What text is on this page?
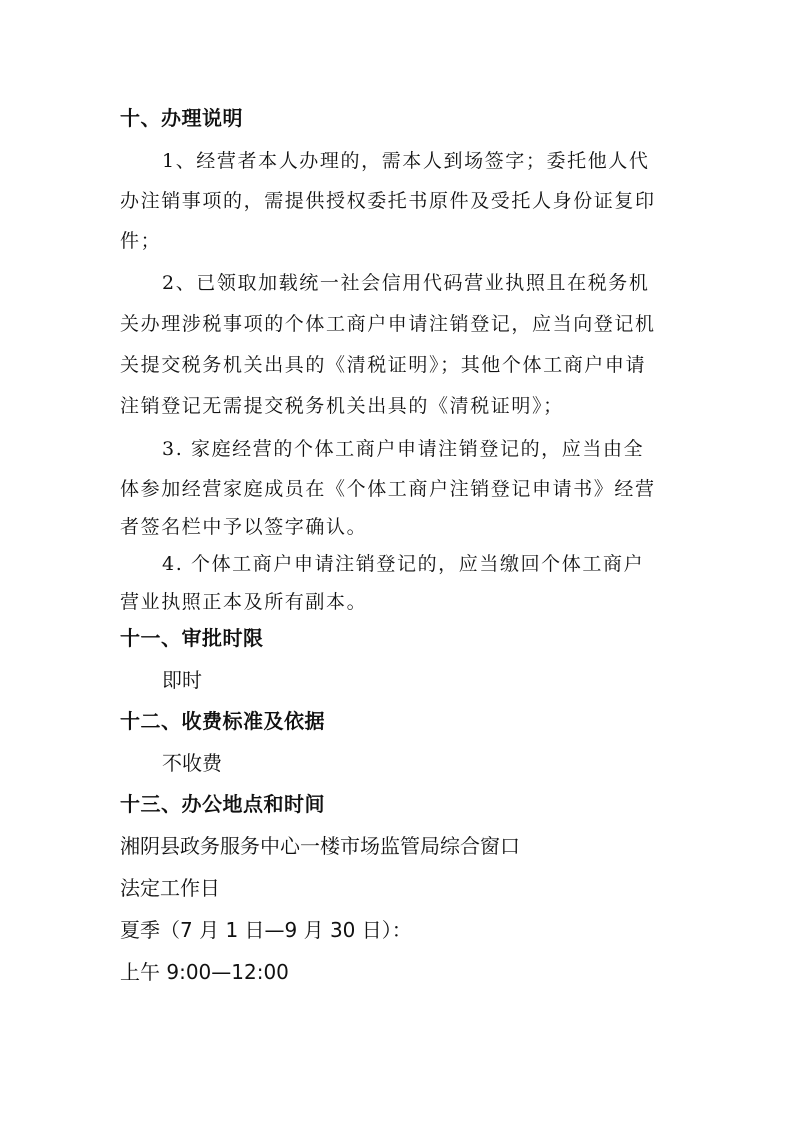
十、办理说明
1、经营者本人办理的，需本人到场签字；委托他人代
办注销事项的，需提供授权委托书原件及受托人身份证复印
件；
2、已领取加载统一社会信用代码营业执照且在税务机
关办理涉税事项的个体工商户申请注销登记，应当向登记机
关提交税务机关出具的《清税证明》；其他个体工商户申请
注销登记无需提交税务机关出具的《清税证明》；
3. 家庭经营的个体工商户申请注销登记的，应当由全
体参加经营家庭成员在《个体工商户注销登记申请书》经营
者签名栏中予以签字确认。
4. 个体工商户申请注销登记的，应当缴回个体工商户
营业执照正本及所有副本。
十一、审批时限
即时
十二、收费标准及依据
不收费
十三、办公地点和时间
湘阴县政务服务中心一楼市场监管局综合窗口
法定工作日
夏季（7 月 1 日—9 月 30 日）：
上午 9:00—12:00
